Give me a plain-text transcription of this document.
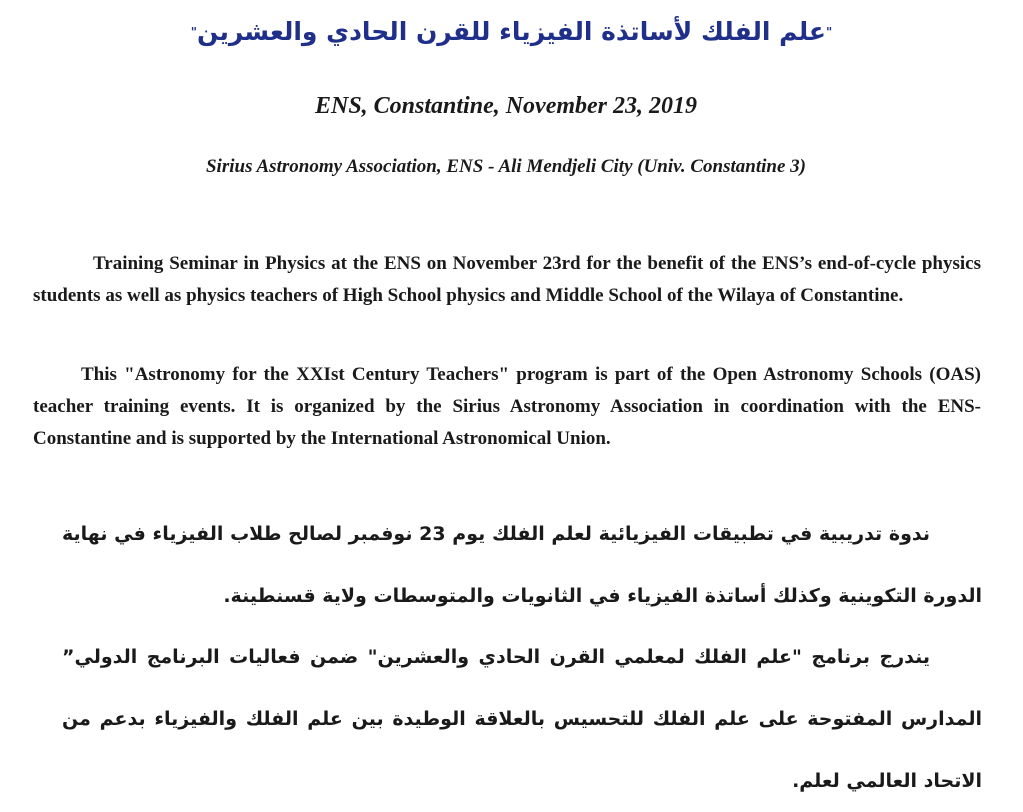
"علم الفلك لأساتذة الفيزياء للقرن الحادي والعشرين"

ENS, Constantine, November 23, 2019

Sirius Astronomy Association, ENS - Ali Mendjeli City (Univ. Constantine 3)

Training Seminar in Physics at the ENS on November 23rd for the benefit of the ENS’s end-of-cycle physics students as well as physics teachers of High School physics and Middle School of the Wilaya of Constantine.

This "Astronomy for the XXIst Century Teachers" program is part of the Open Astronomy Schools (OAS) teacher training events. It is organized by the Sirius Astronomy Association in coordination with the ENS-Constantine and is supported by the International Astronomical Union.

ندوة تدريبية في تطبيقات الفيزيائية لعلم الفلك يوم 23 نوفمبر لصالح طلاب الفيزياء في نهاية الدورة التكوينية وكذلك أساتذة الفيزياء في الثانويات والمتوسطات ولاية قسنطينة.

يندرج برنامج "علم الفلك لمعلمي القرن الحادي والعشرين" ضمن فعاليات البرنامج الدولي” المدارس المفتوحة على علم الفلك للتحسيس بالعلاقة الوطيدة بين علم الفلك والفيزياء بدعم من الاتحاد العالمي لعلم.
